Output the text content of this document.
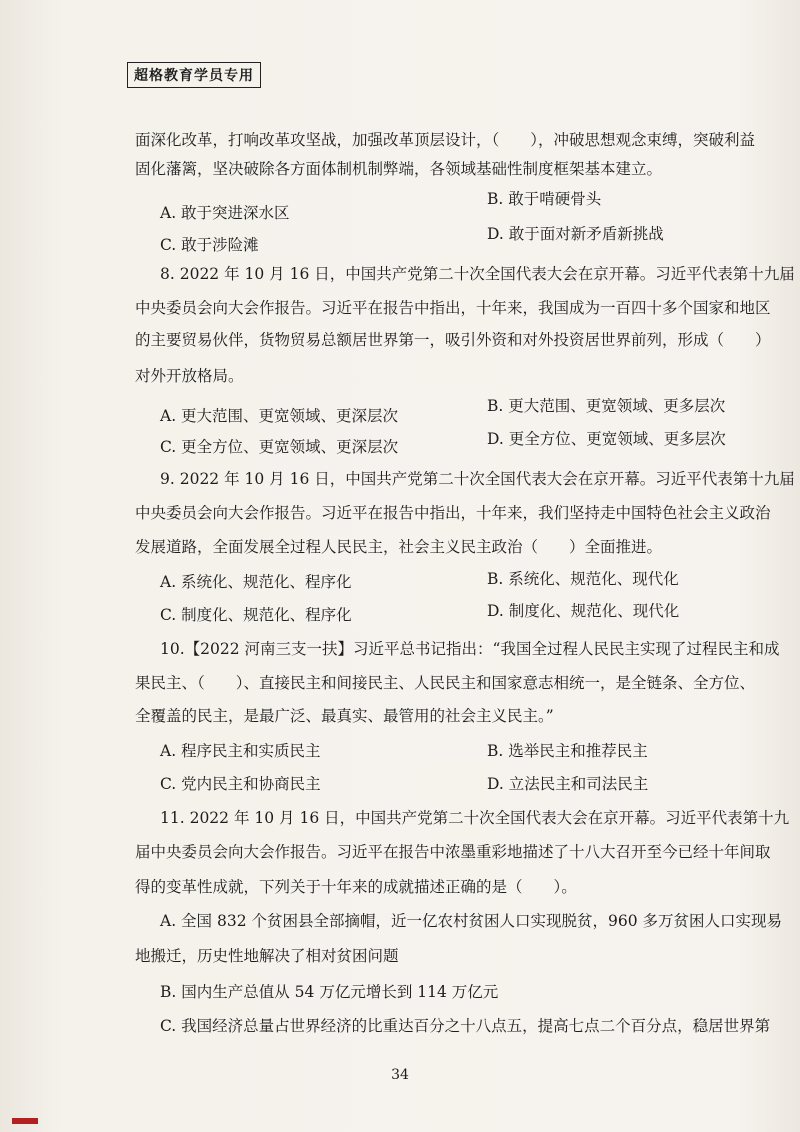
超格教育学员专用
面深化改革，打响改革攻坚战，加强改革顶层设计，（　　），冲破思想观念束缚，突破利益
固化藩篱，坚决破除各方面体制机制弊端，各领域基础性制度框架基本建立。
A. 敢于突进深水区
B. 敢于啃硬骨头
C. 敢于涉险滩
D. 敢于面对新矛盾新挑战
8. 2022 年 10 月 16 日，中国共产党第二十次全国代表大会在京开幕。习近平代表第十九届
中央委员会向大会作报告。习近平在报告中指出，十年来，我国成为一百四十多个国家和地区
的主要贸易伙伴，货物贸易总额居世界第一，吸引外资和对外投资居世界前列，形成（　　）
对外开放格局。
A. 更大范围、更宽领域、更深层次
B. 更大范围、更宽领域、更多层次
C. 更全方位、更宽领域、更深层次	D. 更全方位、更宽领域、更多层次
9. 2022 年 10 月 16 日，中国共产党第二十次全国代表大会在京开幕。习近平代表第十九届
中央委员会向大会作报告。习近平在报告中指出，十年来，我们坚持走中国特色社会主义政治
发展道路，全面发展全过程人民民主，社会主义民主政治（　　）全面推进。
A. 系统化、规范化、程序化	B. 系统化、规范化、现代化
C. 制度化、规范化、程序化	D. 制度化、规范化、现代化
10.【2022 河南三支一扶】习近平总书记指出：“我国全过程人民民主实现了过程民主和成
果民主、（　　）、直接民主和间接民主、人民民主和国家意志相统一，是全链条、全方位、
全覆盖的民主，是最广泛、最真实、最管用的社会主义民主。”
A. 程序民主和实质民主	B. 选举民主和推荐民主
C. 党内民主和协商民主	D. 立法民主和司法民主
11. 2022 年 10 月 16 日，中国共产党第二十次全国代表大会在京开幕。习近平代表第十九
届中央委员会向大会作报告。习近平在报告中浓墨重彩地描述了十八大召开至今已经十年间取
得的变革性成就，下列关于十年来的成就描述正确的是（　　）。
A. 全国 832 个贫困县全部摘帽，近一亿农村贫困人口实现脱贫，960 多万贫困人口实现易
地搬迁，历史性地解决了相对贫困问题
B. 国内生产总值从 54 万亿元增长到 114 万亿元
C. 我国经济总量占世界经济的比重达百分之十八点五，提高七点二个百分点，稳居世界第
34
